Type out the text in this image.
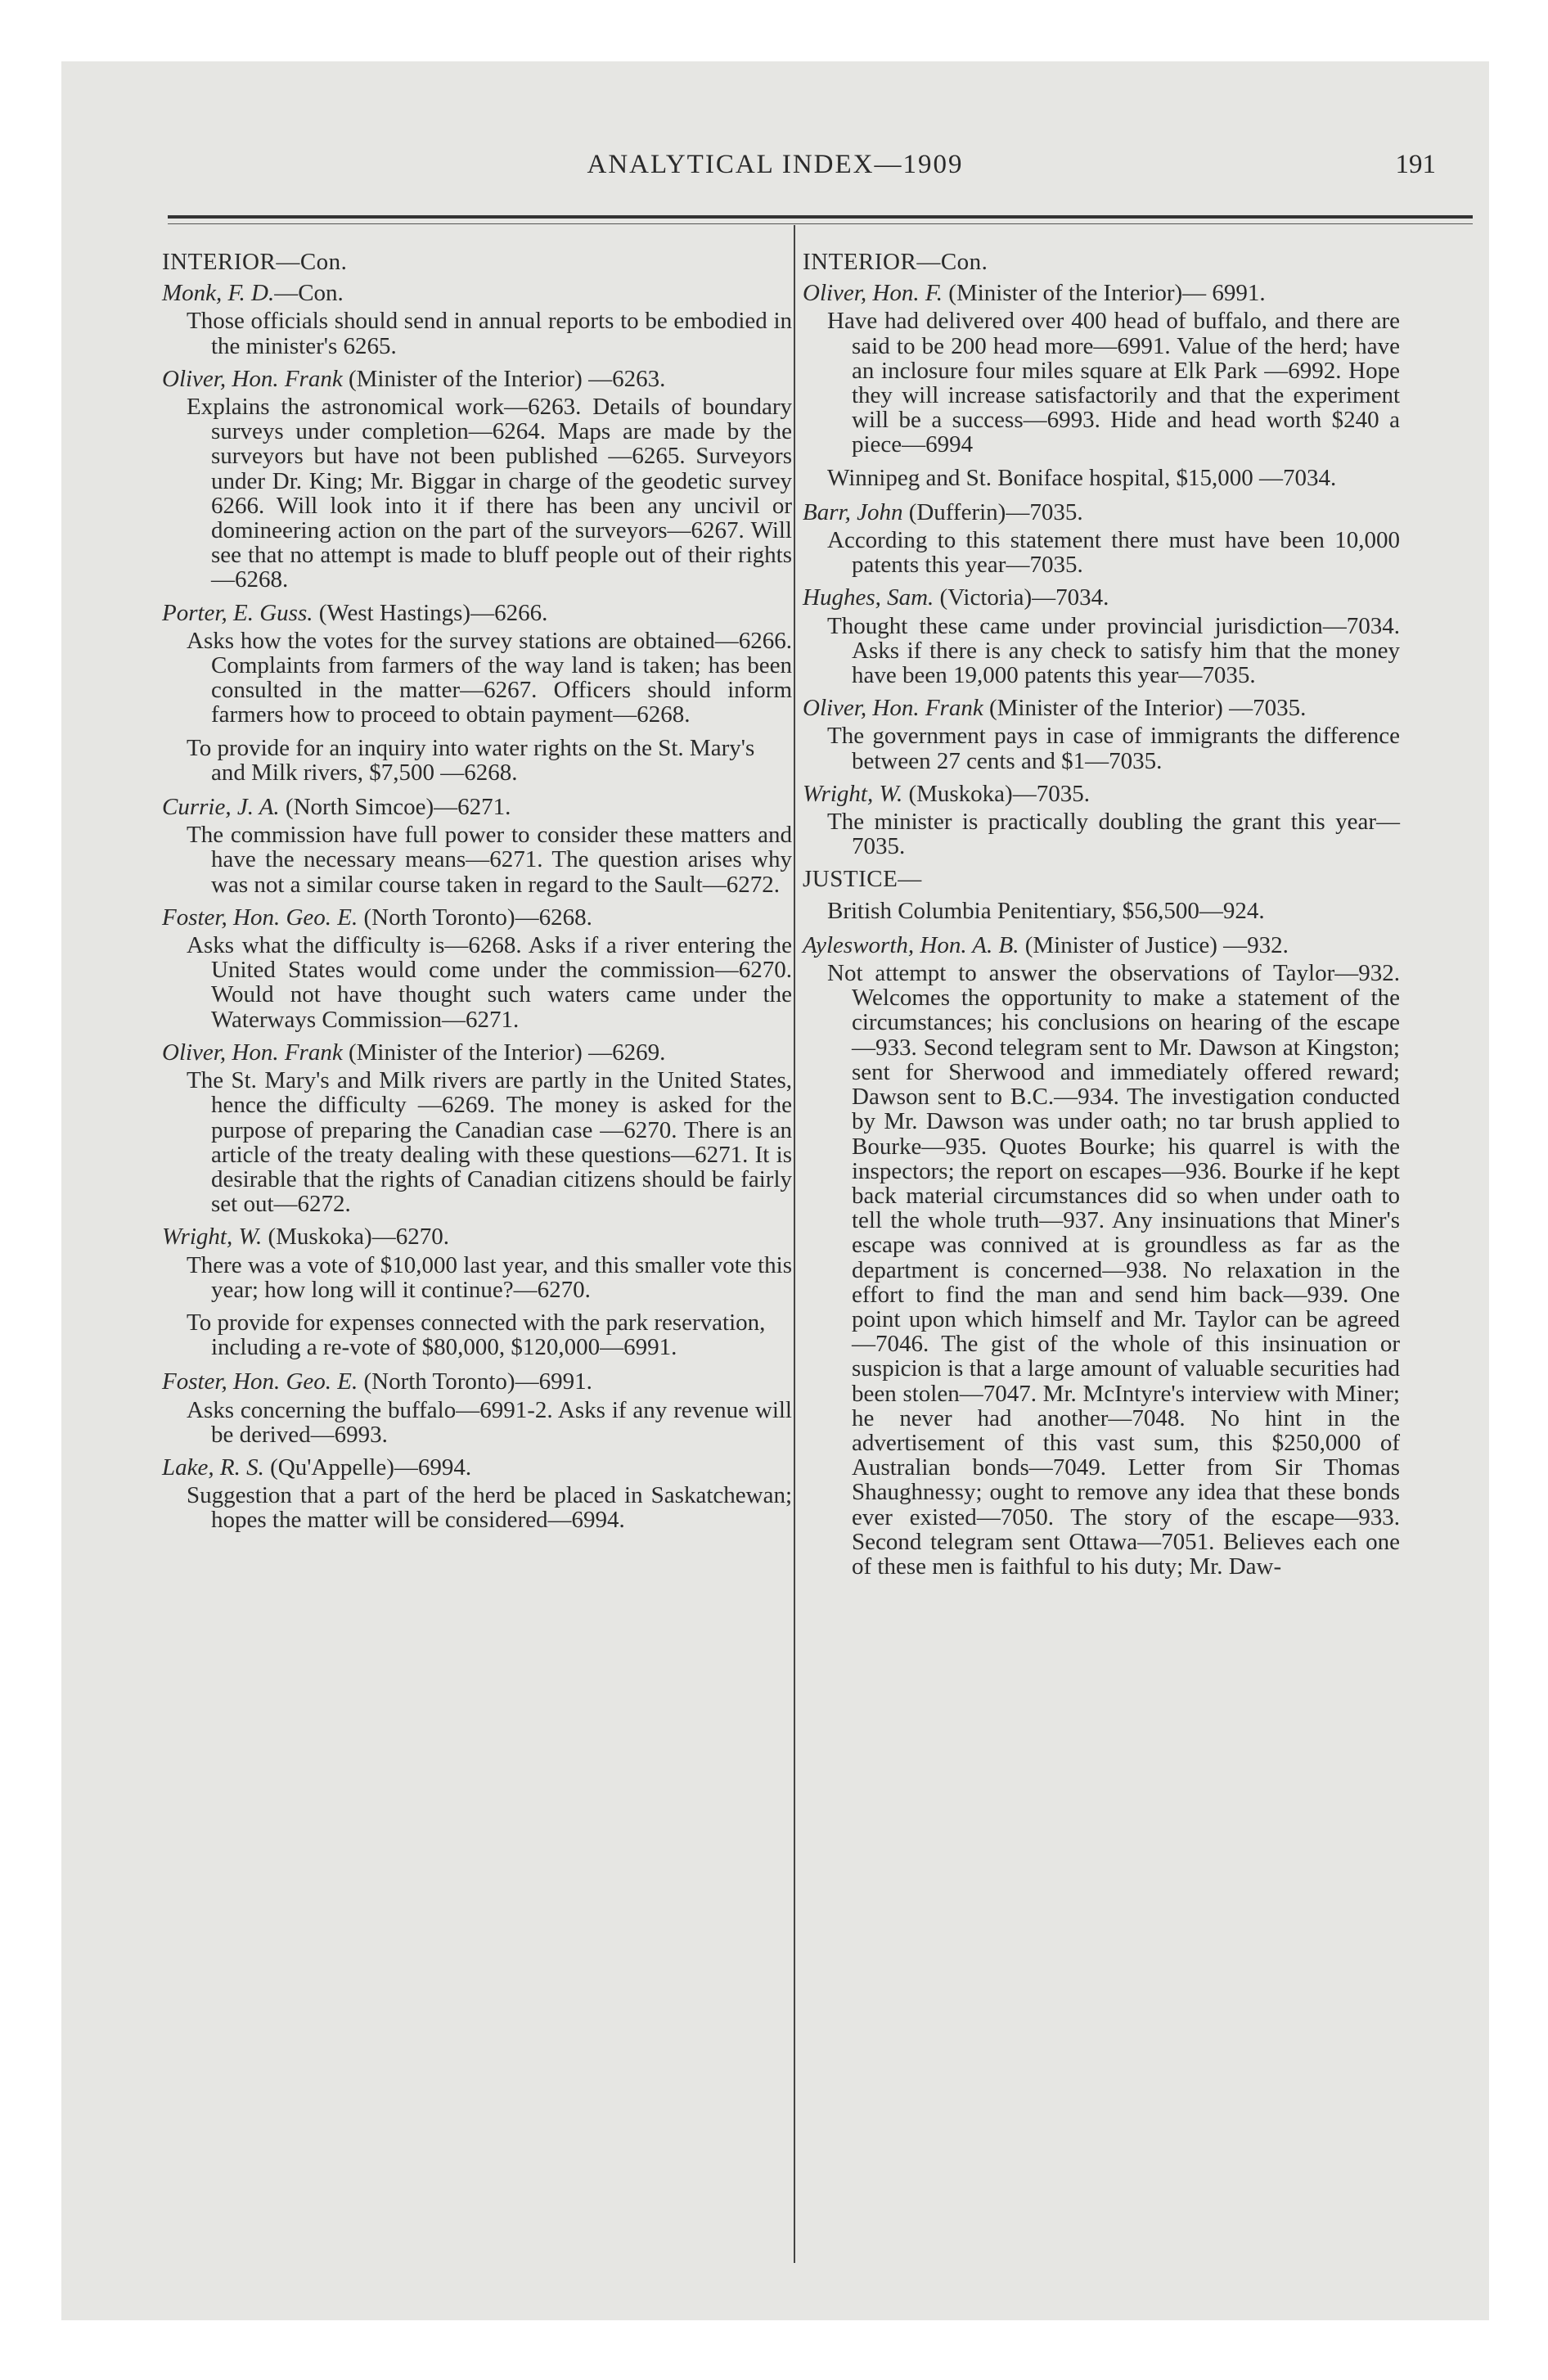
ANALYTICAL INDEX—1909	191

INTERIOR—Con.

Monk, F. D.—Con.

Those officials should send in annual reports to be embodied in the minister's 6265.

Oliver, Hon. Frank (Minister of the Interior) —6263.

Explains the astronomical work—6263. Details of boundary surveys under completion—6264. Maps are made by the surveyors but have not been published —6265. Surveyors under Dr. King; Mr. Biggar in charge of the geodetic survey 6266. Will look into it if there has been any uncivil or domineering action on the part of the surveyors—6267. Will see that no attempt is made to bluff people out of their rights—6268.

Porter, E. Guss. (West Hastings)—6266.

Asks how the votes for the survey stations are obtained—6266. Complaints from farmers of the way land is taken; has been consulted in the matter—6267. Officers should inform farmers how to proceed to obtain payment—6268.

To provide for an inquiry into water rights on the St. Mary's and Milk rivers, $7,500 —6268.

Currie, J. A. (North Simcoe)—6271.

The commission have full power to consider these matters and have the necessary means—6271. The question arises why was not a similar course taken in regard to the Sault—6272.

Foster, Hon. Geo. E. (North Toronto)—6268.

Asks what the difficulty is—6268. Asks if a river entering the United States would come under the commission—6270. Would not have thought such waters came under the Waterways Commission—6271.

Oliver, Hon. Frank (Minister of the Interior) —6269.

The St. Mary's and Milk rivers are partly in the United States, hence the difficulty —6269. The money is asked for the purpose of preparing the Canadian case —6270. There is an article of the treaty dealing with these questions—6271. It is desirable that the rights of Canadian citizens should be fairly set out—6272.

Wright, W. (Muskoka)—6270.

There was a vote of $10,000 last year, and this smaller vote this year; how long will it continue?—6270.

To provide for expenses connected with the park reservation, including a re-vote of $80,000, $120,000—6991.

Foster, Hon. Geo. E. (North Toronto)—6991.

Asks concerning the buffalo—6991-2. Asks if any revenue will be derived—6993.

Lake, R. S. (Qu'Appelle)—6994.

Suggestion that a part of the herd be placed in Saskatchewan; hopes the matter will be considered—6994.

INTERIOR—Con.

Oliver, Hon. F. (Minister of the Interior)— 6991.

Have had delivered over 400 head of buffalo, and there are said to be 200 head more—6991. Value of the herd; have an inclosure four miles square at Elk Park —6992. Hope they will increase satisfactorily and that the experiment will be a success—6993. Hide and head worth $240 a piece—6994

Winnipeg and St. Boniface hospital, $15,000 —7034.

Barr, John (Dufferin)—7035.

According to this statement there must have been 10,000 patents this year—7035.

Hughes, Sam. (Victoria)—7034.

Thought these came under provincial jurisdiction—7034. Asks if there is any check to satisfy him that the money have been 19,000 patents this year—7035.

Oliver, Hon. Frank (Minister of the Interior) —7035.

The government pays in case of immigrants the difference between 27 cents and $1—7035.

Wright, W. (Muskoka)—7035.

The minister is practically doubling the grant this year—7035.

JUSTICE—

British Columbia Penitentiary, $56,500—924.

Aylesworth, Hon. A. B. (Minister of Justice) —932.

Not attempt to answer the observations of Taylor—932. Welcomes the opportunity to make a statement of the circumstances; his conclusions on hearing of the escape—933. Second telegram sent to Mr. Dawson at Kingston; sent for Sherwood and immediately offered reward; Dawson sent to B.C.—934. The investigation conducted by Mr. Dawson was under oath; no tar brush applied to Bourke—935. Quotes Bourke; his quarrel is with the inspectors; the report on escapes—936. Bourke if he kept back material circumstances did so when under oath to tell the whole truth—937. Any insinuations that Miner's escape was connived at is groundless as far as the department is concerned—938. No relaxation in the effort to find the man and send him back—939. One point upon which himself and Mr. Taylor can be agreed—7046. The gist of the whole of this insinuation or suspicion is that a large amount of valuable securities had been stolen—7047. Mr. McIntyre's interview with Miner; he never had another—7048. No hint in the advertisement of this vast sum, this $250,000 of Australian bonds—7049. Letter from Sir Thomas Shaughnessy; ought to remove any idea that these bonds ever existed—7050. The story of the escape—933. Second telegram sent Ottawa—7051. Believes each one of these men is faithful to his duty; Mr. Daw-
